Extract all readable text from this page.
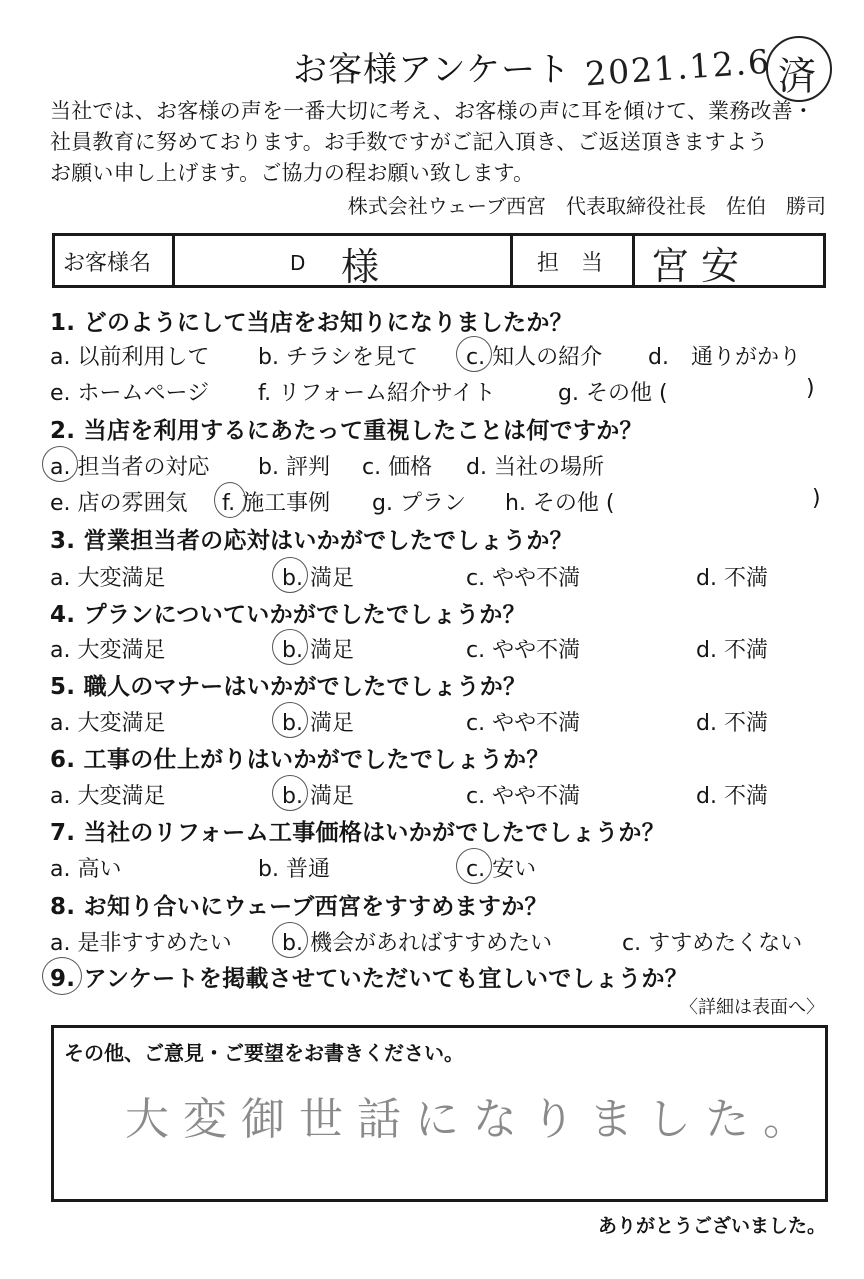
お客様アンケート 2021.12.6 済
当社では、お客様の声を一番大切に考え、お客様の声に耳を傾けて、業務改善・
社員教育に努めております。お手数ですがご記入頂き、ご返送頂きますよう
お願い申し上げます。ご協力の程お願い致します。
株式会社ウェーブ西宮　代表取締役社長　佐伯　勝司
お客様名	D 様	担　当 宮安
1. どのようにして当店をお知りになりましたか？
a. 以前利用して b. チラシを見て c. 知人の紹介 d.　通りがかり
e. ホームページ f. リフォーム紹介サイト	g. その他 (	)
2. 当店を利用するにあたって重視したことは何ですか？
a. 担当者の対応 b. 評判 c. 価格 d. 当社の場所
e. 店の雰囲気 f. 施工事例 g. プラン h. その他 (	)
3. 営業担当者の応対はいかがでしたでしょうか？
a. 大変満足	b. 満足	c. やや不満	d. 不満
4. プランについていかがでしたでしょうか？
a. 大変満足	b. 満足	c. やや不満	d. 不満
5. 職人のマナーはいかがでしたでしょうか？
a. 大変満足	b. 満足	c. やや不満	d. 不満
6. 工事の仕上がりはいかがでしたでしょうか？
a. 大変満足	b. 満足	c. やや不満	d. 不満
7. 当社のリフォーム工事価格はいかがでしたでしょうか？
a. 高い	b. 普通	c. 安い
8. お知り合いにウェーブ西宮をすすめますか？
a. 是非すすめたい b. 機会があればすすめたい	c. すすめたくない
9. アンケートを掲載させていただいても宜しいでしょうか？
〈詳細は表面へ〉
その他、ご意見・ご要望をお書きください。
大変御世話になりました。
ありがとうございました。
